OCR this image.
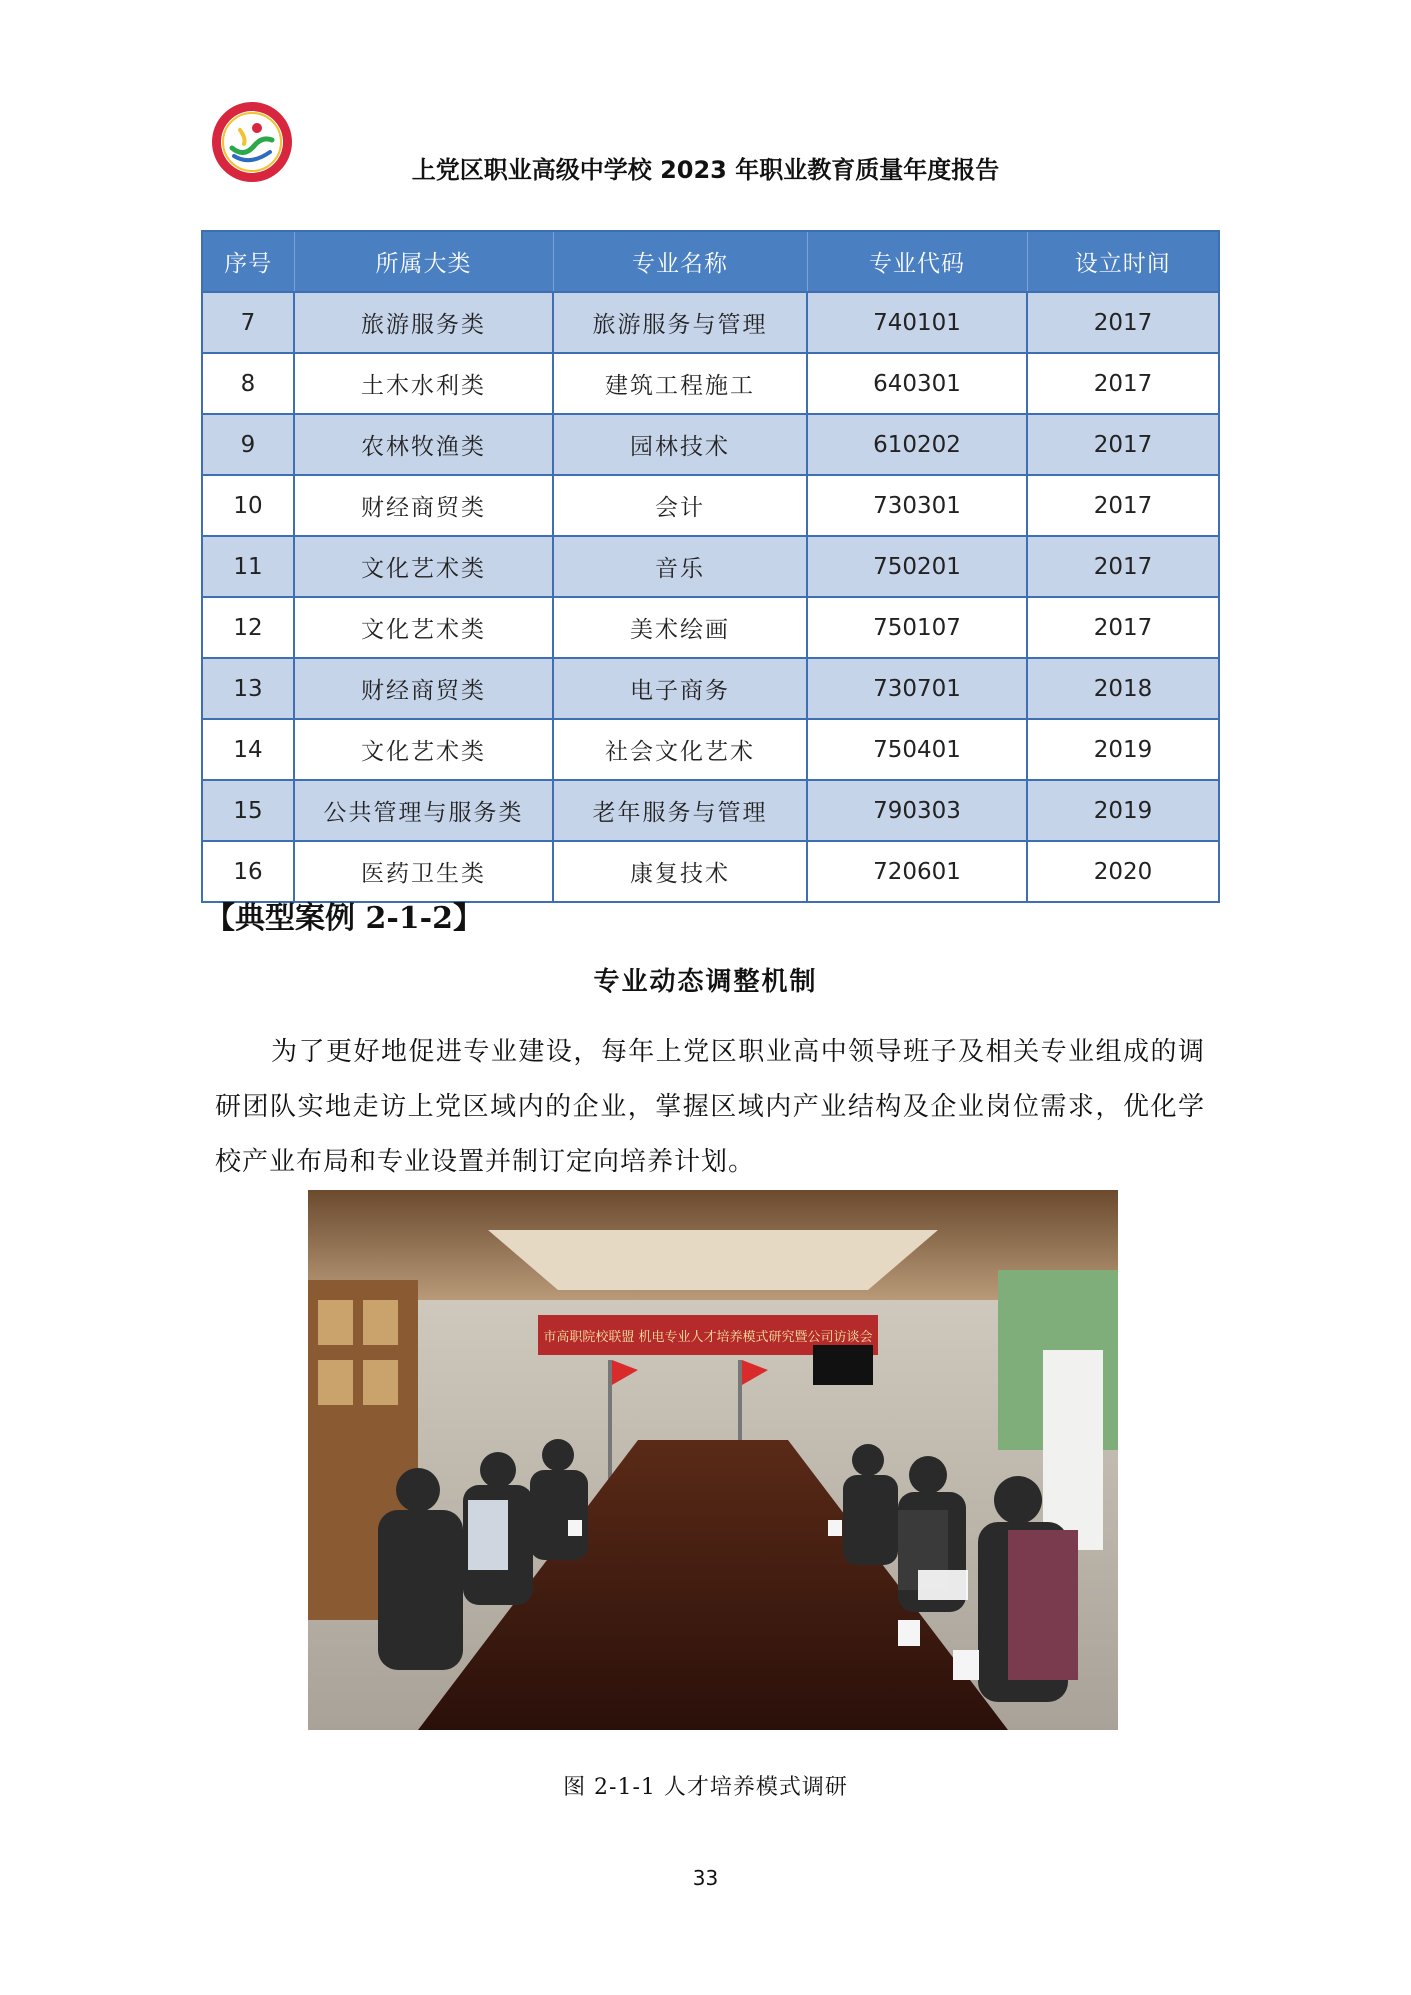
上党区职业高级中学校 2023 年职业教育质量年度报告
序号	所属大类	专业名称	专业代码	设立时间
7	旅游服务类	旅游服务与管理	740101	2017
8	土木水利类	建筑工程施工	640301	2017
9	农林牧渔类	园林技术	610202	2017
10	财经商贸类	会计	730301	2017
11	文化艺术类	音乐	750201	2017
12	文化艺术类	美术绘画	750107	2017
13	财经商贸类	电子商务	730701	2018
14	文化艺术类	社会文化艺术	750401	2019
15	公共管理与服务类	老年服务与管理	790303	2019
16	医药卫生类	康复技术	720601	2020
【典型案例 2-1-2】
专业动态调整机制
为了更好地促进专业建设，每年上党区职业高中领导班子及相关专业组成的调研团队实地走访上党区域内的企业，掌握区域内产业结构及企业岗位需求，优化学校产业布局和专业设置并制订定向培养计划。
市高职院校联盟 机电专业人才培养模式研究暨公司访谈会
图 2-1-1 人才培养模式调研
33
